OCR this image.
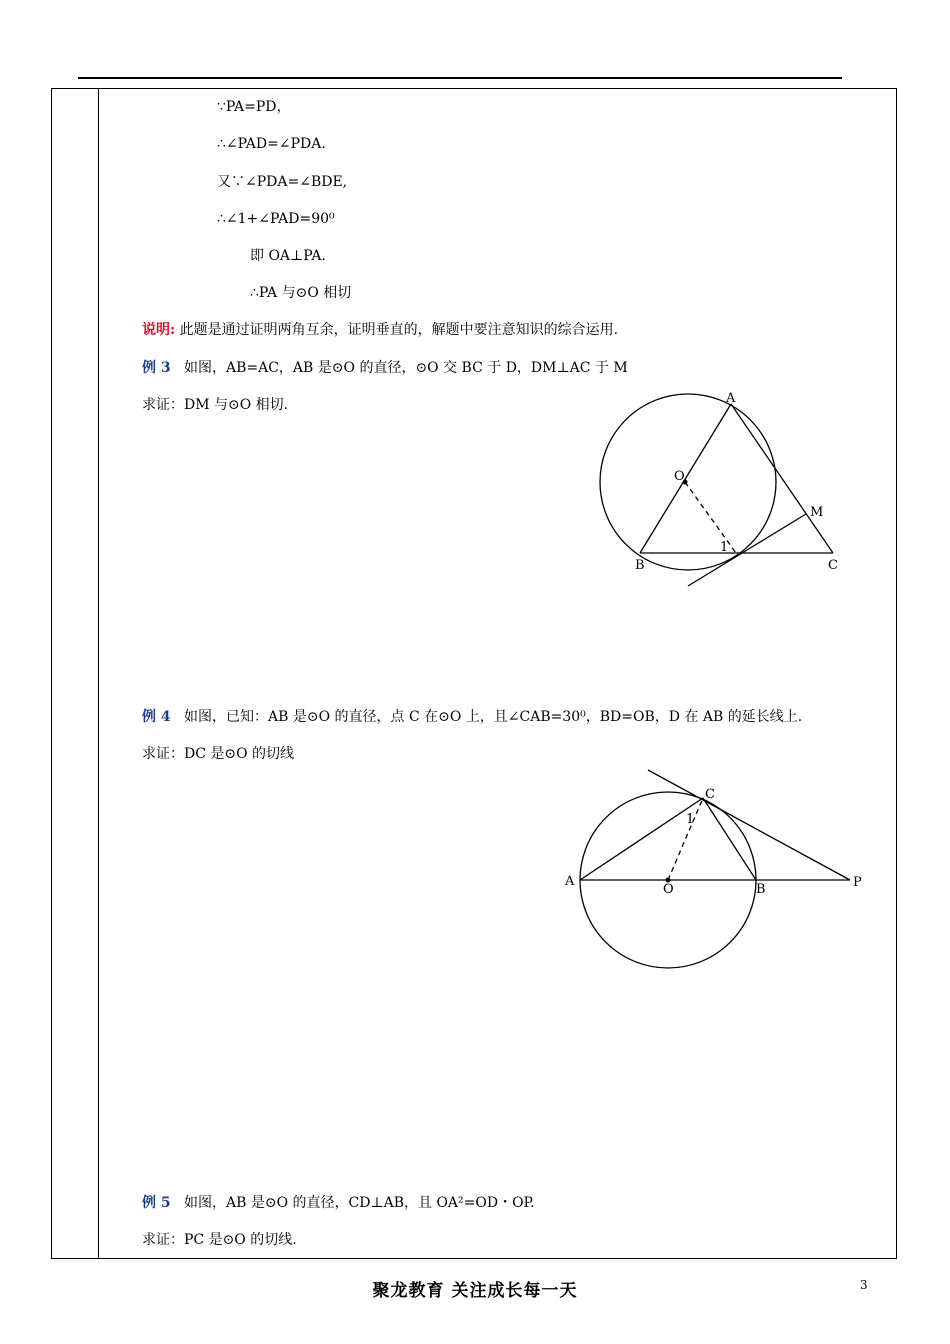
∵PA=PD，
∴∠PAD=∠PDA.
又∵∠PDA=∠BDE,
∴∠1+∠PAD=90⁰
即 OA⊥PA.
∴PA 与⊙O 相切
说明: 此题是通过证明两角互余，证明垂直的，解题中要注意知识的综合运用.
例 3 如图，AB=AC，AB 是⊙O 的直径，⊙O 交 BC 于 D，DM⊥AC 于 M
求证：DM 与⊙O 相切.	A
O
M
1
B	C
例 4 如图，已知：AB 是⊙O 的直径，点 C 在⊙O 上，且∠CAB=30⁰，BD=OB，D 在 AB 的延长线上.
求证：DC 是⊙O 的切线
C
1
A
O	B	P
例 5 如图，AB 是⊙O 的直径，CD⊥AB，且 OA²=OD・OP.
求证：PC 是⊙O 的切线.
聚龙教育 关注成长每一天	3
